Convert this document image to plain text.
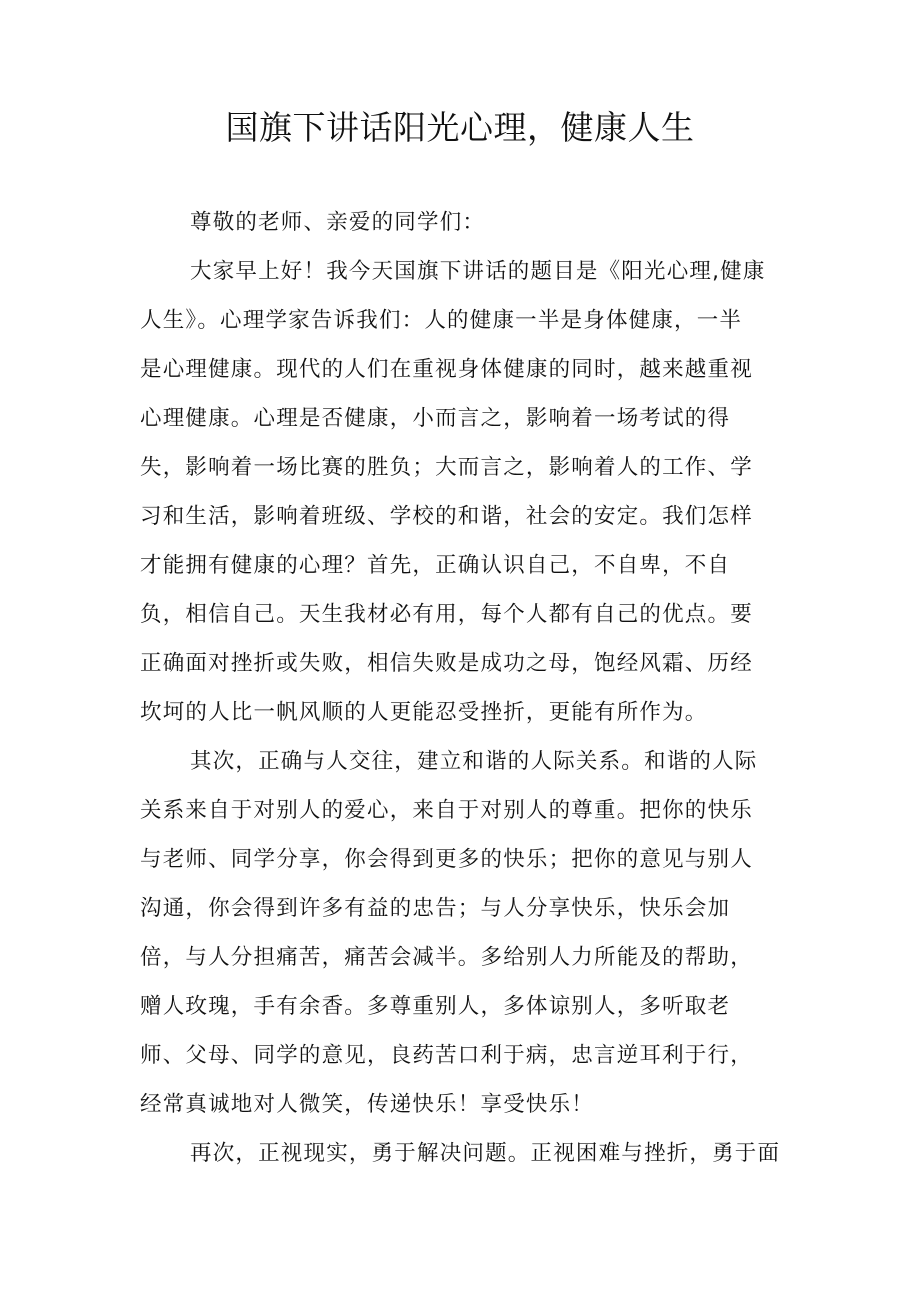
国旗下讲话阳光心理，健康人生
尊敬的老师、亲爱的同学们：
大家早上好！我今天国旗下讲话的题目是《阳光心理,健康
人生》。心理学家告诉我们：人的健康一半是身体健康，一半
是心理健康。现代的人们在重视身体健康的同时，越来越重视
心理健康。心理是否健康，小而言之，影响着一场考试的得
失，影响着一场比赛的胜负；大而言之，影响着人的工作、学
习和生活，影响着班级、学校的和谐，社会的安定。我们怎样
才能拥有健康的心理？首先，正确认识自己，不自卑，不自
负，相信自己。天生我材必有用，每个人都有自己的优点。要
正确面对挫折或失败，相信失败是成功之母，饱经风霜、历经
坎坷的人比一帆风顺的人更能忍受挫折，更能有所作为。
其次，正确与人交往，建立和谐的人际关系。和谐的人际
关系来自于对别人的爱心，来自于对别人的尊重。把你的快乐
与老师、同学分享，你会得到更多的快乐；把你的意见与别人
沟通，你会得到许多有益的忠告；与人分享快乐，快乐会加
倍，与人分担痛苦，痛苦会减半。多给别人力所能及的帮助，
赠人玫瑰，手有余香。多尊重别人，多体谅别人，多听取老
师、父母、同学的意见，良药苦口利于病，忠言逆耳利于行，
经常真诚地对人微笑，传递快乐！享受快乐！
再次，正视现实，勇于解决问题。正视困难与挫折，勇于面
